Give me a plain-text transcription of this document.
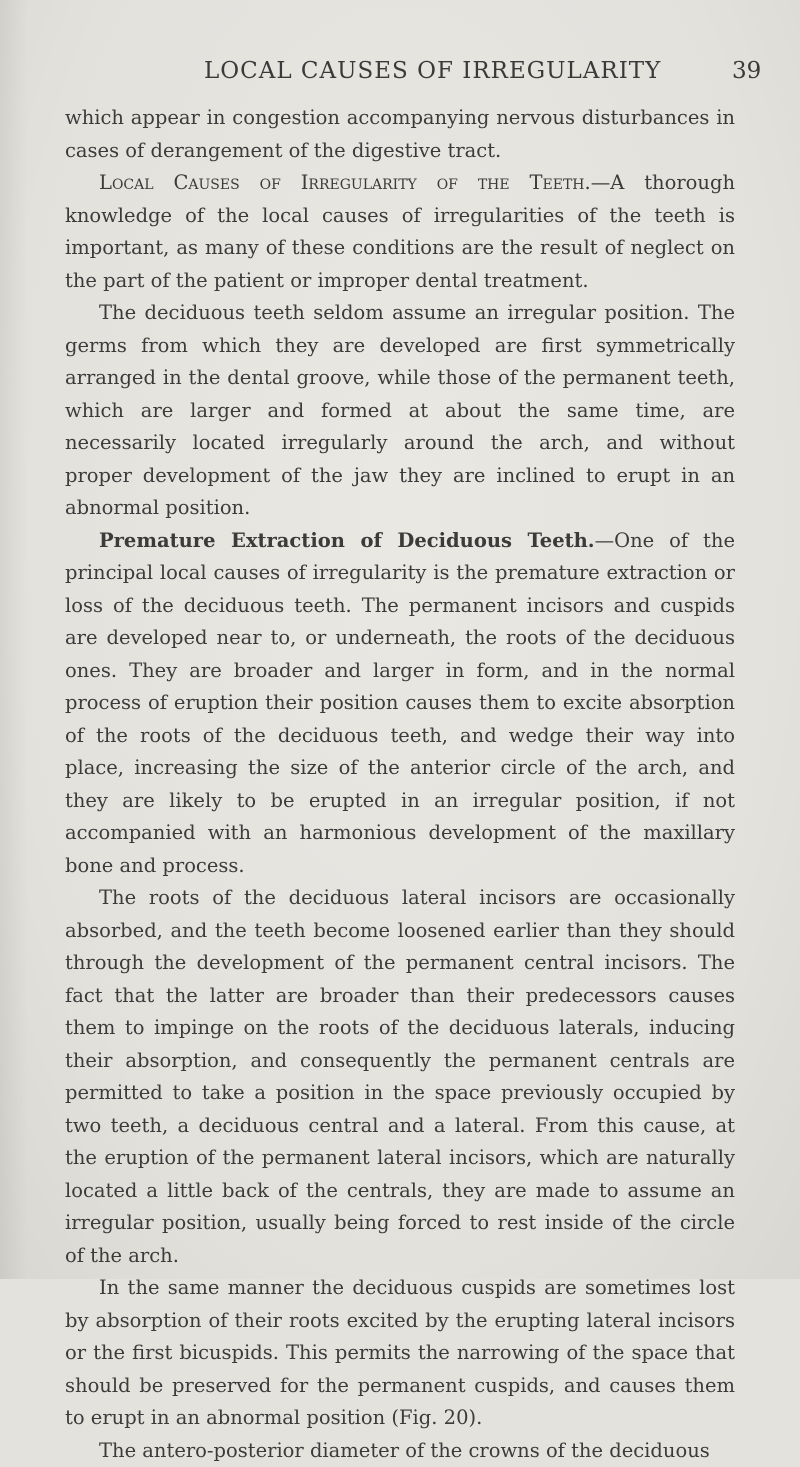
LOCAL CAUSES OF IRREGULARITY	39

which appear in congestion accompanying nervous disturbances in cases of derangement of the digestive tract.

Local Causes of Irregularity of the Teeth.—A thorough knowledge of the local causes of irregularities of the teeth is important, as many of these conditions are the result of neglect on the part of the patient or improper dental treatment.

The deciduous teeth seldom assume an irregular position. The germs from which they are developed are first symmetrically arranged in the dental groove, while those of the permanent teeth, which are larger and formed at about the same time, are necessarily located irregularly around the arch, and without proper development of the jaw they are inclined to erupt in an abnormal position.

Premature Extraction of Deciduous Teeth.—One of the principal local causes of irregularity is the premature extraction or loss of the deciduous teeth. The permanent incisors and cuspids are developed near to, or underneath, the roots of the deciduous ones. They are broader and larger in form, and in the normal process of eruption their position causes them to excite absorption of the roots of the deciduous teeth, and wedge their way into place, increasing the size of the anterior circle of the arch, and they are likely to be erupted in an irregular position, if not accompanied with an harmonious development of the maxillary bone and process.

The roots of the deciduous lateral incisors are occasionally absorbed, and the teeth become loosened earlier than they should through the development of the permanent central incisors. The fact that the latter are broader than their predecessors causes them to impinge on the roots of the deciduous laterals, inducing their absorption, and consequently the permanent centrals are permitted to take a position in the space previously occupied by two teeth, a deciduous central and a lateral. From this cause, at the eruption of the permanent lateral incisors, which are naturally located a little back of the centrals, they are made to assume an irregular position, usually being forced to rest inside of the circle of the arch.

In the same manner the deciduous cuspids are sometimes lost by absorption of their roots excited by the erupting lateral incisors or the first bicuspids. This permits the narrowing of the space that should be preserved for the permanent cuspids, and causes them to erupt in an abnormal position (Fig. 20).

The antero-posterior diameter of the crowns of the deciduous
